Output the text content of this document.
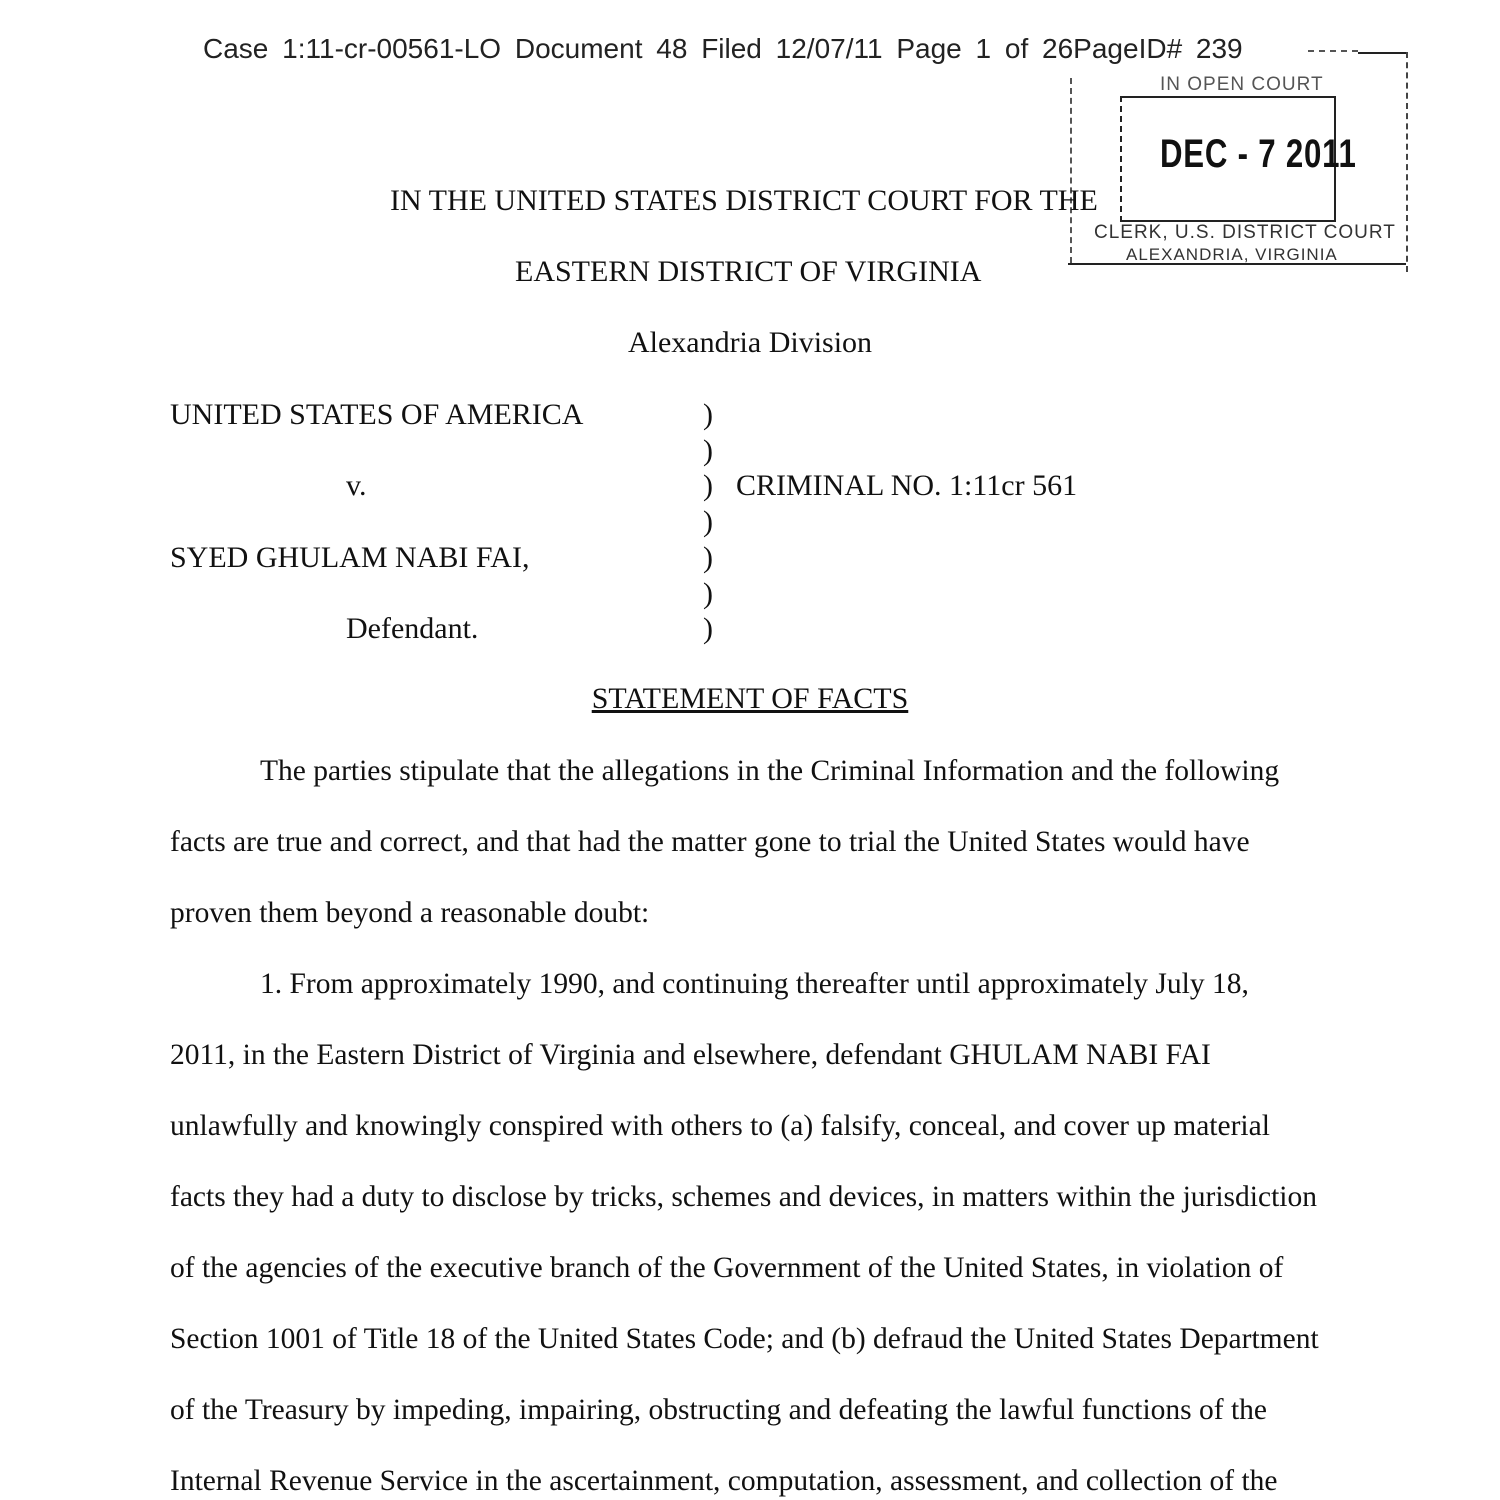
Case 1:11-cr-00561-LO Document 48 Filed 12/07/11 Page 1 of 26PageID# 239
IN OPEN COURT
DEC - 7 2011
CLERK, U.S. DISTRICT COURT
ALEXANDRIA, VIRGINIA
IN THE UNITED STATES DISTRICT COURT FOR THE
EASTERN DISTRICT OF VIRGINIA
Alexandria Division
UNITED STATES OF AMERICA
v.
SYED GHULAM NABI FAI,
Defendant.
)
)
)
)
)
)
)
CRIMINAL NO. 1:11cr 561
STATEMENT OF FACTS
The parties stipulate that the allegations in the Criminal Information and the following
facts are true and correct, and that had the matter gone to trial the United States would have
proven them beyond a reasonable doubt:
1. From approximately 1990, and continuing thereafter until approximately July 18,
2011, in the Eastern District of Virginia and elsewhere, defendant GHULAM NABI FAI
unlawfully and knowingly conspired with others to (a) falsify, conceal, and cover up material
facts they had a duty to disclose by tricks, schemes and devices, in matters within the jurisdiction
of the agencies of the executive branch of the Government of the United States, in violation of
Section 1001 of Title 18 of the United States Code; and (b) defraud the United States Department
of the Treasury by impeding, impairing, obstructing and defeating the lawful functions of the
Internal Revenue Service in the ascertainment, computation, assessment, and collection of the
